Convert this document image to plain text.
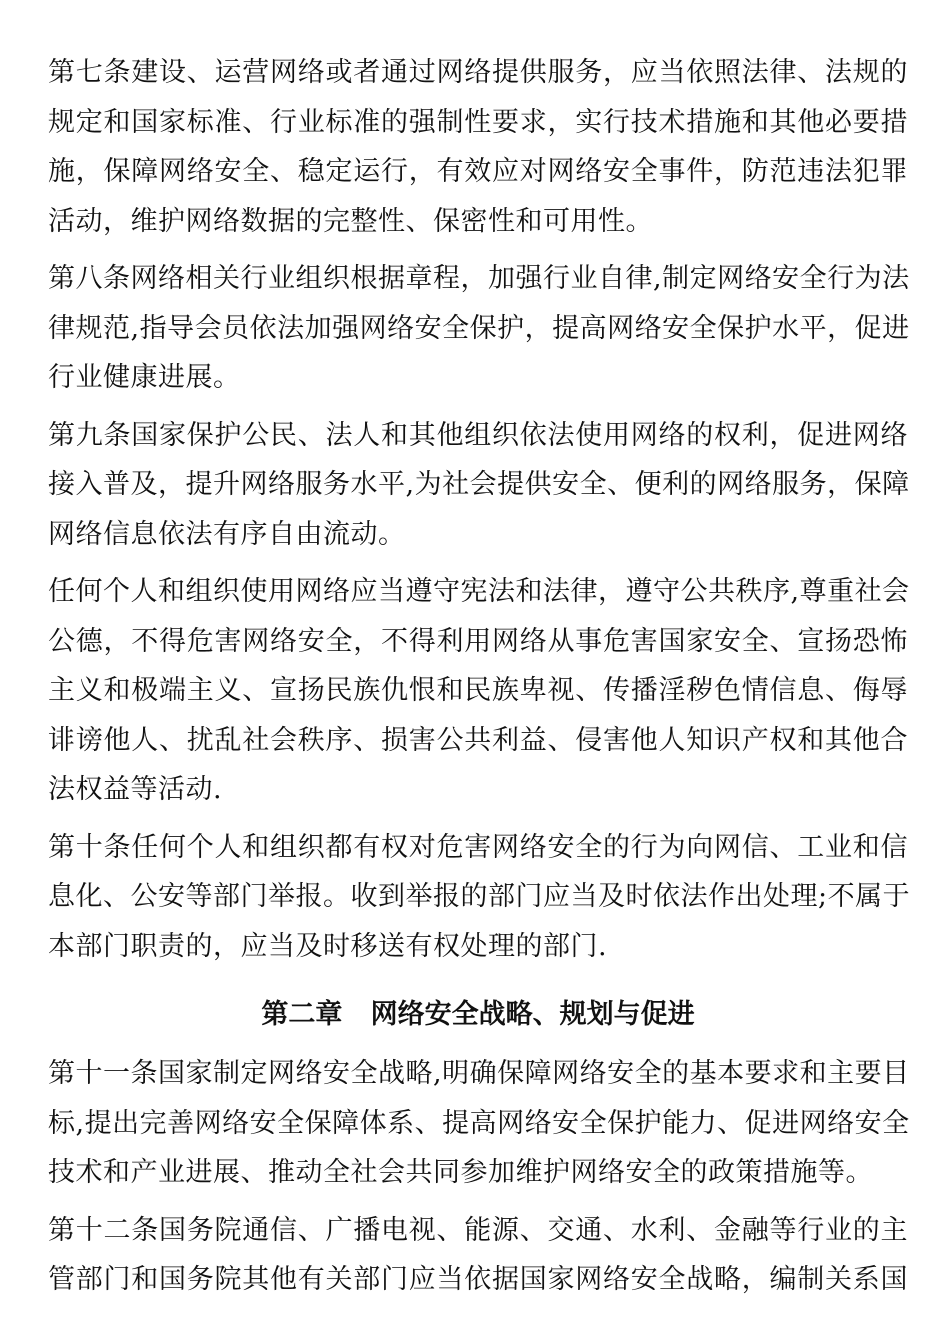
第七条建设、运营网络或者通过网络提供服务，应当依照法律、法规的
规定和国家标准、行业标准的强制性要求，实行技术措施和其他必要措
施，保障网络安全、稳定运行，有效应对网络安全事件，防范违法犯罪
活动，维护网络数据的完整性、保密性和可用性。
第八条网络相关行业组织根据章程，加强行业自律,制定网络安全行为法
律规范,指导会员依法加强网络安全保护，提高网络安全保护水平，促进
行业健康进展。
第九条国家保护公民、法人和其他组织依法使用网络的权利，促进网络
接入普及，提升网络服务水平,为社会提供安全、便利的网络服务，保障
网络信息依法有序自由流动。
任何个人和组织使用网络应当遵守宪法和法律，遵守公共秩序,尊重社会
公德，不得危害网络安全，不得利用网络从事危害国家安全、宣扬恐怖
主义和极端主义、宣扬民族仇恨和民族卑视、传播淫秽色情信息、侮辱
诽谤他人、扰乱社会秩序、损害公共利益、侵害他人知识产权和其他合
法权益等活动.
第十条任何个人和组织都有权对危害网络安全的行为向网信、工业和信
息化、公安等部门举报。收到举报的部门应当及时依法作出处理;不属于
本部门职责的，应当及时移送有权处理的部门.
第二章   网络安全战略、规划与促进
第十一条国家制定网络安全战略,明确保障网络安全的基本要求和主要目
标,提出完善网络安全保障体系、提高网络安全保护能力、促进网络安全
技术和产业进展、推动全社会共同参加维护网络安全的政策措施等。
第十二条国务院通信、广播电视、能源、交通、水利、金融等行业的主
管部门和国务院其他有关部门应当依据国家网络安全战略，编制关系国
